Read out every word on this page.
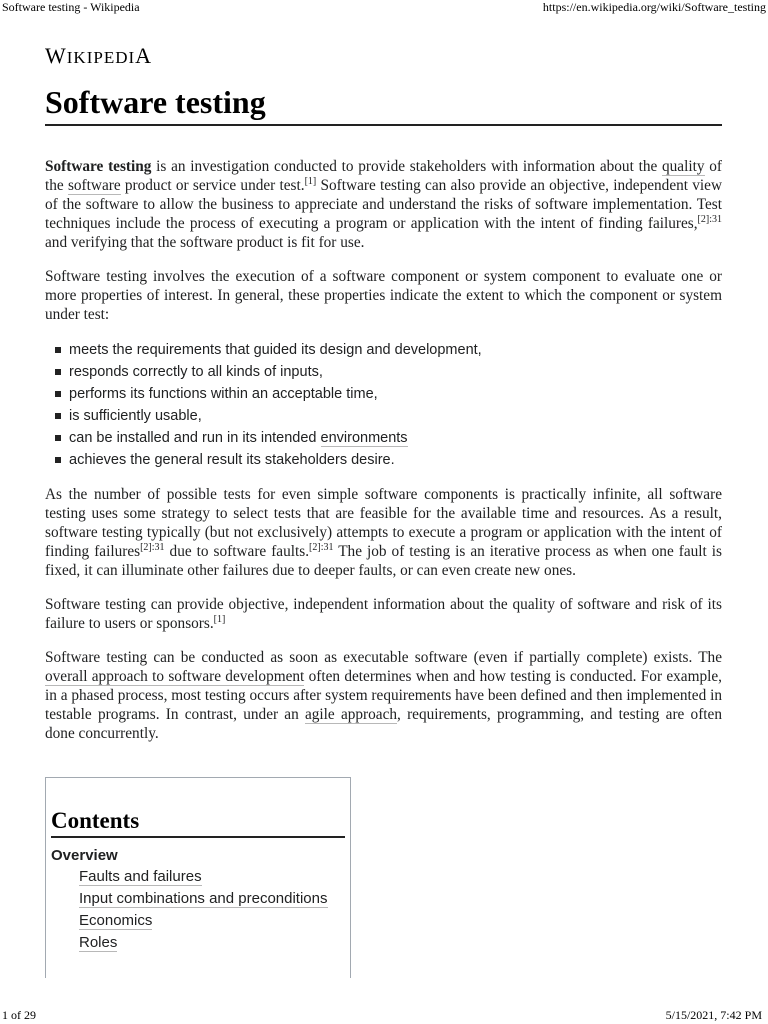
Software testing - Wikipedia	https://en.wikipedia.org/wiki/Software_testing
WIKIPEDIA
Software testing

Software testing is an investigation conducted to provide stakeholders with information about the quality of the software product or service under test.[1] Software testing can also provide an objective, independent view of the software to allow the business to appreciate and understand the risks of software implementation. Test techniques include the process of executing a program or application with the intent of finding failures,$^{[2]:31}$ and verifying that the software product is fit for use.

Software testing involves the execution of a software component or system component to evaluate one or more properties of interest. In general, these properties indicate the extent to which the component or system under test:

meets the requirements that guided its design and development,
responds correctly to all kinds of inputs,
performs its functions within an acceptable time,
is sufficiently usable,
can be installed and run in its intended environments
achieves the general result its stakeholders desire.

As the number of possible tests for even simple software components is practically infinite, all software testing uses some strategy to select tests that are feasible for the available time and resources. As a result, software testing typically (but not exclusively) attempts to execute a program or application with the intent of finding failures$^{[2]:31}$ due to software faults.$^{[2]:31}$ The job of testing is an iterative process as when one fault is fixed, it can illuminate other failures due to deeper faults, or can even create new ones.

Software testing can provide objective, independent information about the quality of software and risk of its failure to users or sponsors.[1]

Software testing can be conducted as soon as executable software (even if partially complete) exists. The overall approach to software development often determines when and how testing is conducted. For example, in a phased process, most testing occurs after system requirements have been defined and then implemented in testable programs. In contrast, under an agile approach, requirements, programming, and testing are often done concurrently.

Contents
Overview
Faults and failures
Input combinations and preconditions
Economics
Roles
1 of 29	5/15/2021, 7:42 PM
